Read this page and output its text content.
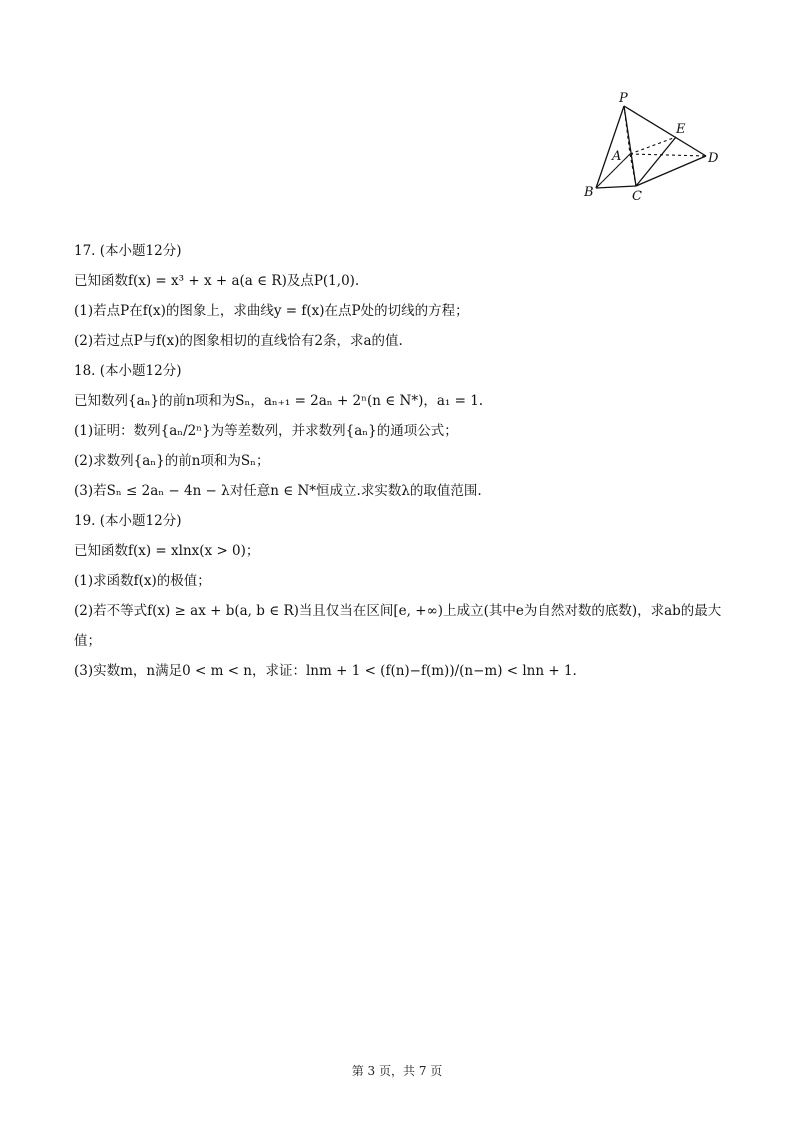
P
E
A	D
B	C
17. (本小题12分)
已知函数f(x) = x³ + x + a(a ∈ R)及点P(1,0).
(1)若点P在f(x)的图象上，求曲线y = f(x)在点P处的切线的方程；
(2)若过点P与f(x)的图象相切的直线恰有2条，求a的值.
18. (本小题12分)
已知数列{aₙ}的前n项和为Sₙ，aₙ₊₁ = 2aₙ + 2ⁿ(n ∈ N*)，a₁ = 1.
(1)证明：数列{aₙ/2ⁿ}为等差数列，并求数列{aₙ}的通项公式；
(2)求数列{aₙ}的前n项和为Sₙ；
(3)若Sₙ ≤ 2aₙ − 4n − λ对任意n ∈ N*恒成立.求实数λ的取值范围.
19. (本小题12分)
已知函数f(x) = xlnx(x > 0)；
(1)求函数f(x)的极值；
(2)若不等式f(x) ≥ ax + b(a, b ∈ R)当且仅当在区间[e, +∞)上成立(其中e为自然对数的底数)，求ab的最大值；
(3)实数m，n满足0 < m < n，求证：lnm + 1 < (f(n)−f(m))/(n−m) < lnn + 1.
第 3 页，共 7 页
